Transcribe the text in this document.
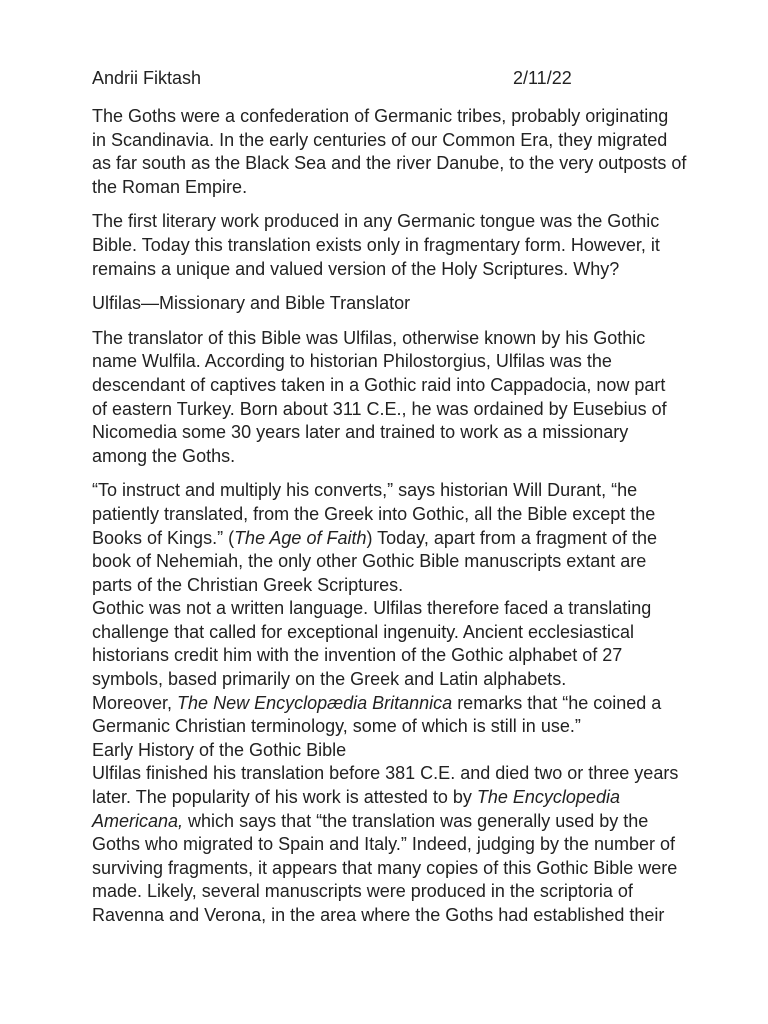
Andrii Fiktash	2/11/22

The Goths were a confederation of Germanic tribes, probably originating
in Scandinavia. In the early centuries of our Common Era, they migrated
as far south as the Black Sea and the river Danube, to the very outposts of
the Roman Empire.

The first literary work produced in any Germanic tongue was the Gothic
Bible. Today this translation exists only in fragmentary form. However, it
remains a unique and valued version of the Holy Scriptures. Why?

Ulfilas—Missionary and Bible Translator

The translator of this Bible was Ulfilas, otherwise known by his Gothic
name Wulfila. According to historian Philostorgius, Ulfilas was the
descendant of captives taken in a Gothic raid into Cappadocia, now part
of eastern Turkey. Born about 311 C.E., he was ordained by Eusebius of
Nicomedia some 30 years later and trained to work as a missionary
among the Goths.

“To instruct and multiply his converts,” says historian Will Durant, “he
patiently translated, from the Greek into Gothic, all the Bible except the
Books of Kings.” (The Age of Faith) Today, apart from a fragment of the
book of Nehemiah, the only other Gothic Bible manuscripts extant are
parts of the Christian Greek Scriptures.
Gothic was not a written language. Ulfilas therefore faced a translating
challenge that called for exceptional ingenuity. Ancient ecclesiastical
historians credit him with the invention of the Gothic alphabet of 27
symbols, based primarily on the Greek and Latin alphabets.
Moreover, The New Encyclopædia Britannica remarks that “he coined a
Germanic Christian terminology, some of which is still in use.”
Early History of the Gothic Bible
Ulfilas finished his translation before 381 C.E. and died two or three years
later. The popularity of his work is attested to by The Encyclopedia
Americana, which says that “the translation was generally used by the
Goths who migrated to Spain and Italy.” Indeed, judging by the number of
surviving fragments, it appears that many copies of this Gothic Bible were
made. Likely, several manuscripts were produced in the scriptoria of
Ravenna and Verona, in the area where the Goths had established their
